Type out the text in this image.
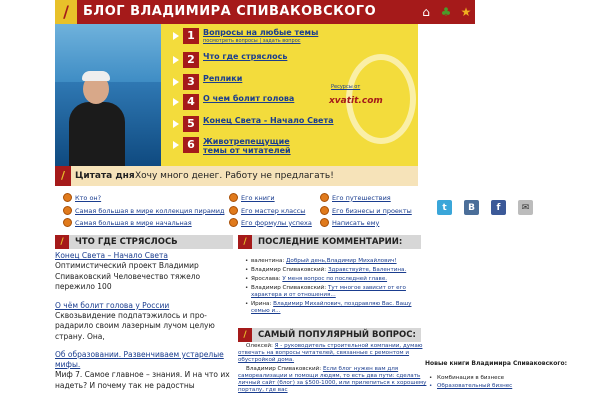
/	БЛОГ ВЛАДИМИРА СПИВАКОВСКОГО	⌂ ♣ ★
1	Вопросы на любые темы
посмотреть вопросы | задать вопрос
2	Что где стряслось
3	Реплики
4	О чем болит голова
5	Конец Света - Начало Света
6	Животрепещущие темы от читателей
Ресурсы от
xvatit.com
/	Цитата дня Хочу много денег. Работу не предлагать!
Кто он?
Самая большая в мире коллекция пирамид
Самая большая в мире начальная
Его книги
Его мастер классы
Его формулы успеха
Его путешествия
Его бизнесы и проекты
Написать ему
t	В	f	✉
/	ЧТО ГДЕ СТРЯСЛОСЬ	/	ПОСЛЕДНИЕ КОММЕНТАРИИ:
/	САМЫЙ ПОПУЛЯРНЫЙ ВОПРОС:
Конец Света – Начало Света
Оптимистический проект Владимир Спиваковский Человечество тяжело пережило 100
О чём болит голова у России
Сквозьвидение подпатэжилось и про-радарило своим лазерным лучом целую страну. Она,
Об образовании. Развенчиваем устарелые мифы.
Миф 7. Самое главное – знания. И на что их надеть? И почему так не радостны
• валентина: Добрый день,Владимир Михайлович!
• Владимир Спиваковский: Здравствуйте, Валентина.
• Ярослава: У меня вопрос по последней главе.
• Владимир Спиваковский: Тут многое зависит от его характера и от отношения...
• Ирина: Владимир Михайлович, поздравляю Вас. Вашу семью и...
Олексей: Я - руководитель строительной компании, думаю отвечать на вопросы читателей, связанные с ремонтом и обустройкой дома.
Владимир Спиваковский: Если блог нужен вам для самореализации и помощи людям, то есть два пути: сделать личный сайт (блог) за $500-1000, или прилепиться к хорошему порталу, где вас
Новые книги Владимира Спиваковского:
• Комбинация в бизнесе
• Образовательный бизнес
